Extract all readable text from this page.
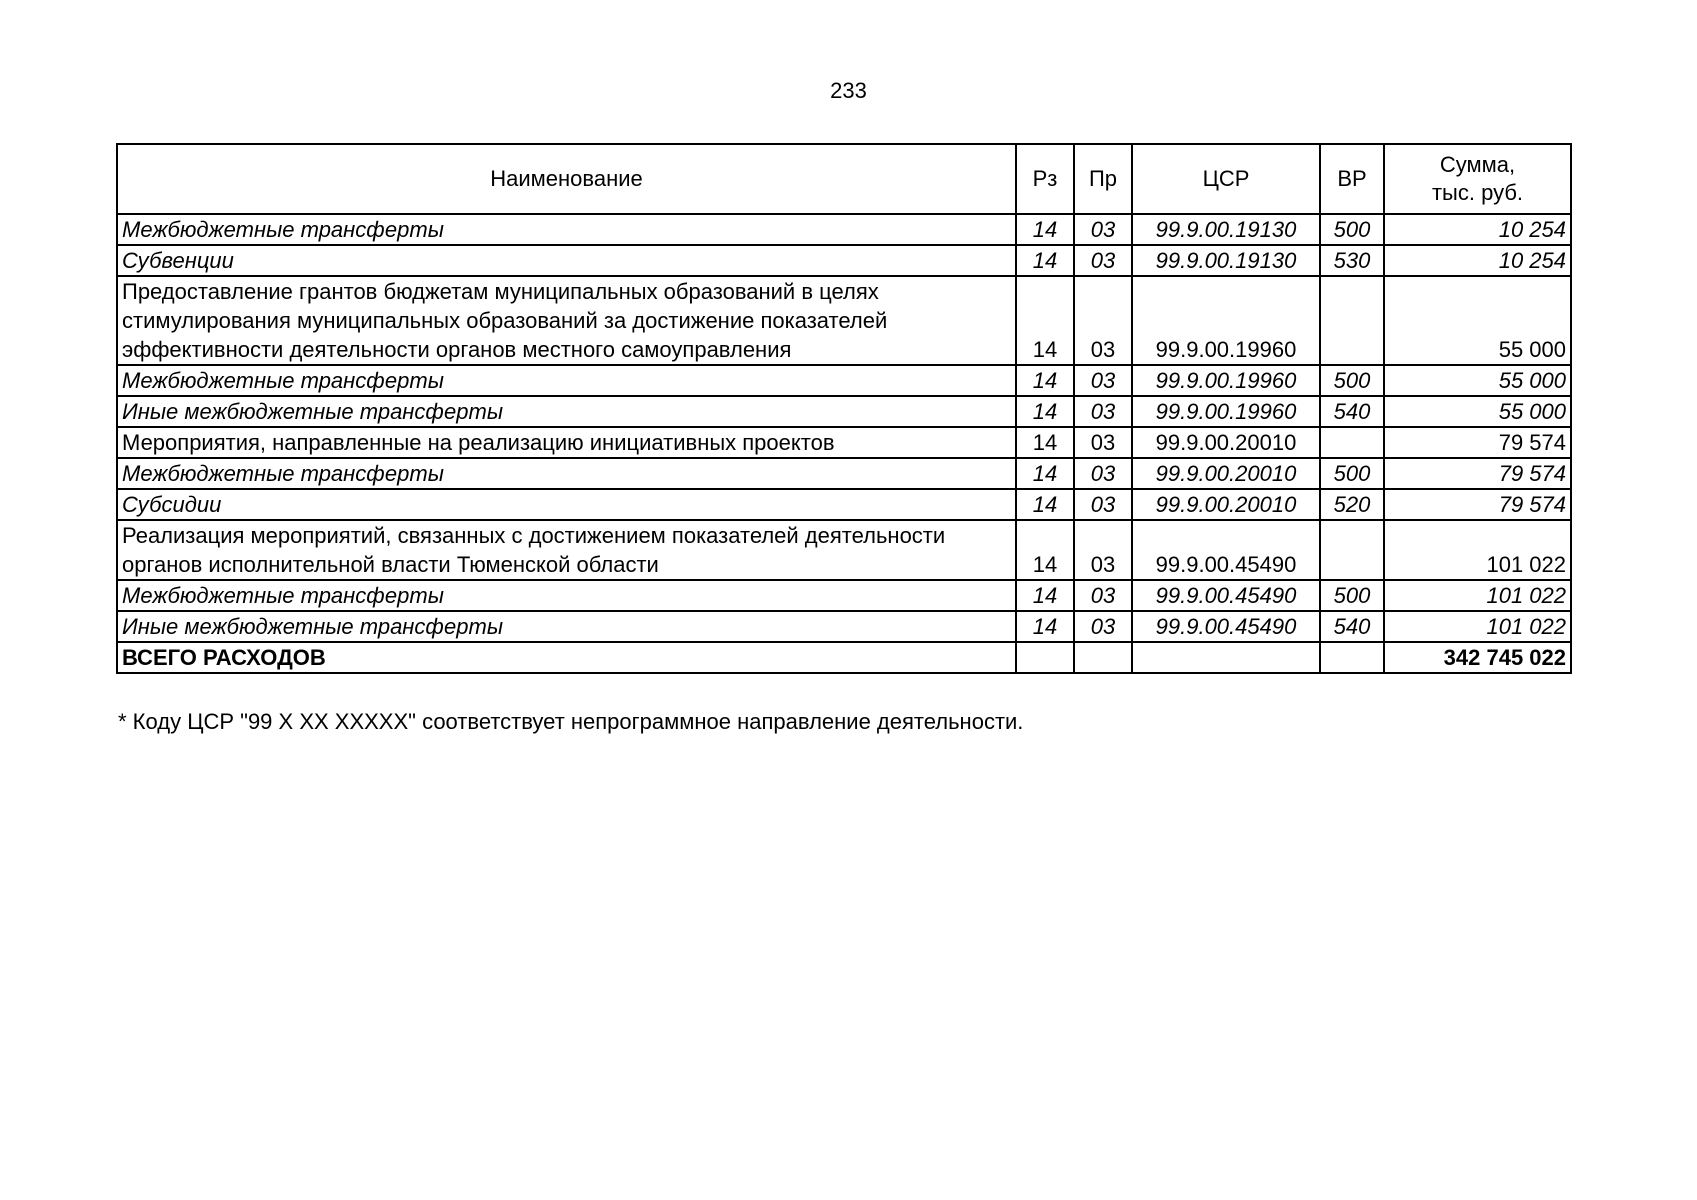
233
Наименование	Рз	Пр	ЦСР	ВР	Сумма,
тыс. руб.
Межбюджетные трансферты	14	03	99.9.00.19130	500	10 254
Субвенции	14	03	99.9.00.19130	530	10 254
Предоставление грантов бюджетам муниципальных образований в целях стимулирования муниципальных образований за достижение показателей эффективности деятельности органов местного самоуправления	14	03	99.9.00.19960		55 000
Межбюджетные трансферты	14	03	99.9.00.19960	500	55 000
Иные межбюджетные трансферты	14	03	99.9.00.19960	540	55 000
Мероприятия, направленные на реализацию инициативных проектов	14	03	99.9.00.20010		79 574
Межбюджетные трансферты	14	03	99.9.00.20010	500	79 574
Субсидии	14	03	99.9.00.20010	520	79 574
Реализация мероприятий, связанных с достижением показателей деятельности органов исполнительной власти Тюменской области	14	03	99.9.00.45490		101 022
Межбюджетные трансферты	14	03	99.9.00.45490	500	101 022
Иные межбюджетные трансферты	14	03	99.9.00.45490	540	101 022
ВСЕГО РАСХОДОВ					342 745 022
* Коду ЦСР "99 Х ХХ ХХХХХ" соответствует непрограммное направление деятельности.
